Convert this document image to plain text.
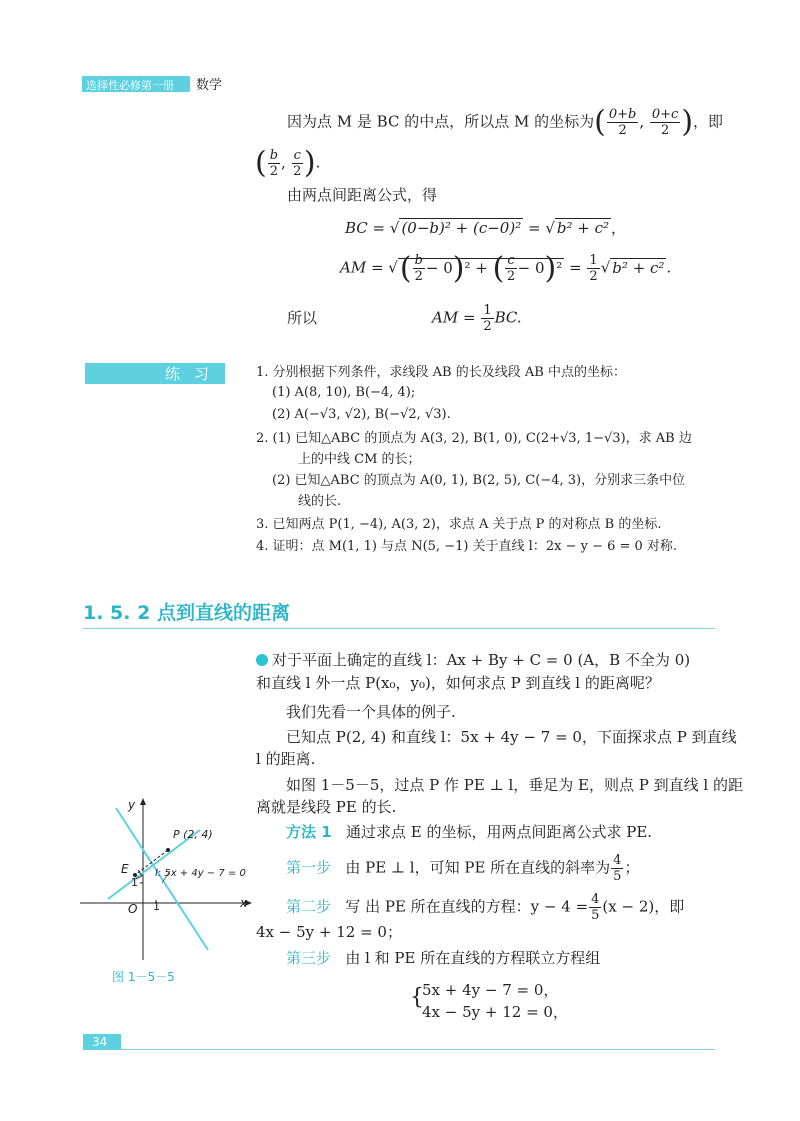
选择性必修第一册 数学
因为点 M 是 BC 的中点，所以点 M 的坐标为( $\frac{0+b}{2}$ , $\frac{0+c}{2}$ )，即
( $\frac{b}{2}$ , $\frac{c}{2}$ ).
由两点间距离公式，得
BC = √ (0−b)² + (c−0)² = √ b² + c² ，
AM = √( $\frac{b}{2} - 0)^2$ + ( $\frac{c}{2} - 0)^2 = \frac{1}{2}$ √ b² + c² .
所以	AM = $\frac{1}{2}$ BC.
练习	1. 分别根据下列条件，求线段 AB 的长及线段 AB 中点的坐标：
(1) A(8, 10), B(−4, 4);
(2) A(−√3, √2), B(−√2, √3).
2. (1) 已知△ABC 的顶点为 A(3, 2), B(1, 0), C(2+√3, 1−√3)，求 AB 边
上的中线 CM 的长；
(2) 已知△ABC 的顶点为 A(0, 1), B(2, 5), C(−4, 3)，分别求三条中位
线的长.
3. 已知两点 P(1, −4), A(3, 2)，求点 A 关于点 P 的对称点 B 的坐标.
4. 证明：点 M(1, 1) 与点 N(5, −1) 关于直线 l：2x − y − 6 = 0 对称.
1. 5. 2 点到直线的距离
对于平面上确定的直线 l：Ax + By + C = 0 (A，B 不全为 0)
和直线 l 外一点 P(x₀，y₀)，如何求点 P 到直线 l 的距离呢？
我们先看一个具体的例子.
已知点 P(2, 4) 和直线 l：5x + 4y − 7 = 0，下面探求点 P 到直线
l 的距离.
如图 1－5－5，过点 P 作 PE ⊥ l，垂足为 E，则点 P 到直线 l 的距
离就是线段 PE 的长.
方法 1 通过求点 E 的坐标，用两点间距离公式求 PE.
第一步 由 PE ⊥ l，可知 PE 所在直线的斜率为 $\frac{4}{5}$ ；
第二步 写 出 PE 所在直线的方程：$y - 4 = \frac{4}{5} (x - 2)$，即
4x − 5y + 12 = 0；
第三步 由 l 和 PE 所在直线的方程联立方程组
{
5x + 4y − 7 = 0，
4x − 5y + 12 = 0，
y
x
O 1
1
P (2, 4)
E	l: 5x + 4y − 7 = 0
图 1－5－5
34
